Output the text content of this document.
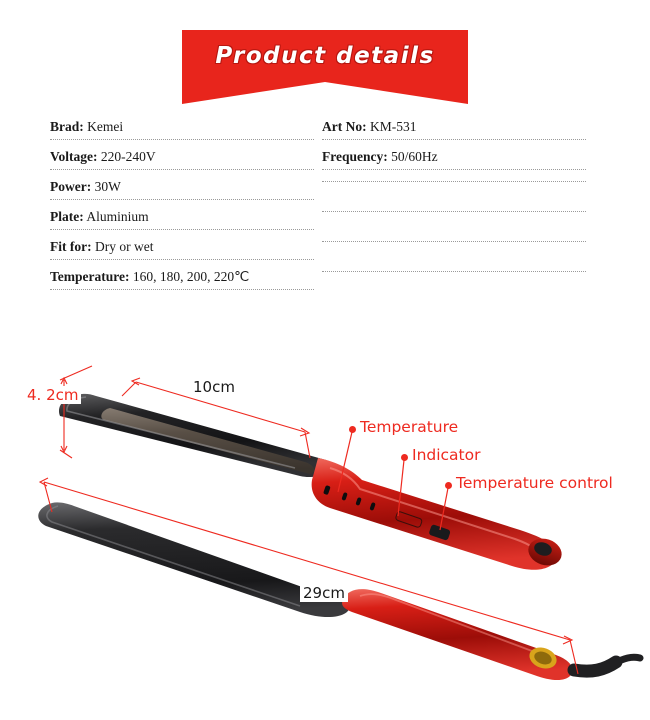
Product details
Brad: Kemei	Art No: KM-531
Voltage: 220-240V	Frequency: 50/60Hz
Power: 30W
Plate: Aluminium
Fit for: Dry or wet
Temperature: 160, 180, 200, 220℃
4. 2cm	10cm
29cm
Temperature
Indicator
Temperature control
